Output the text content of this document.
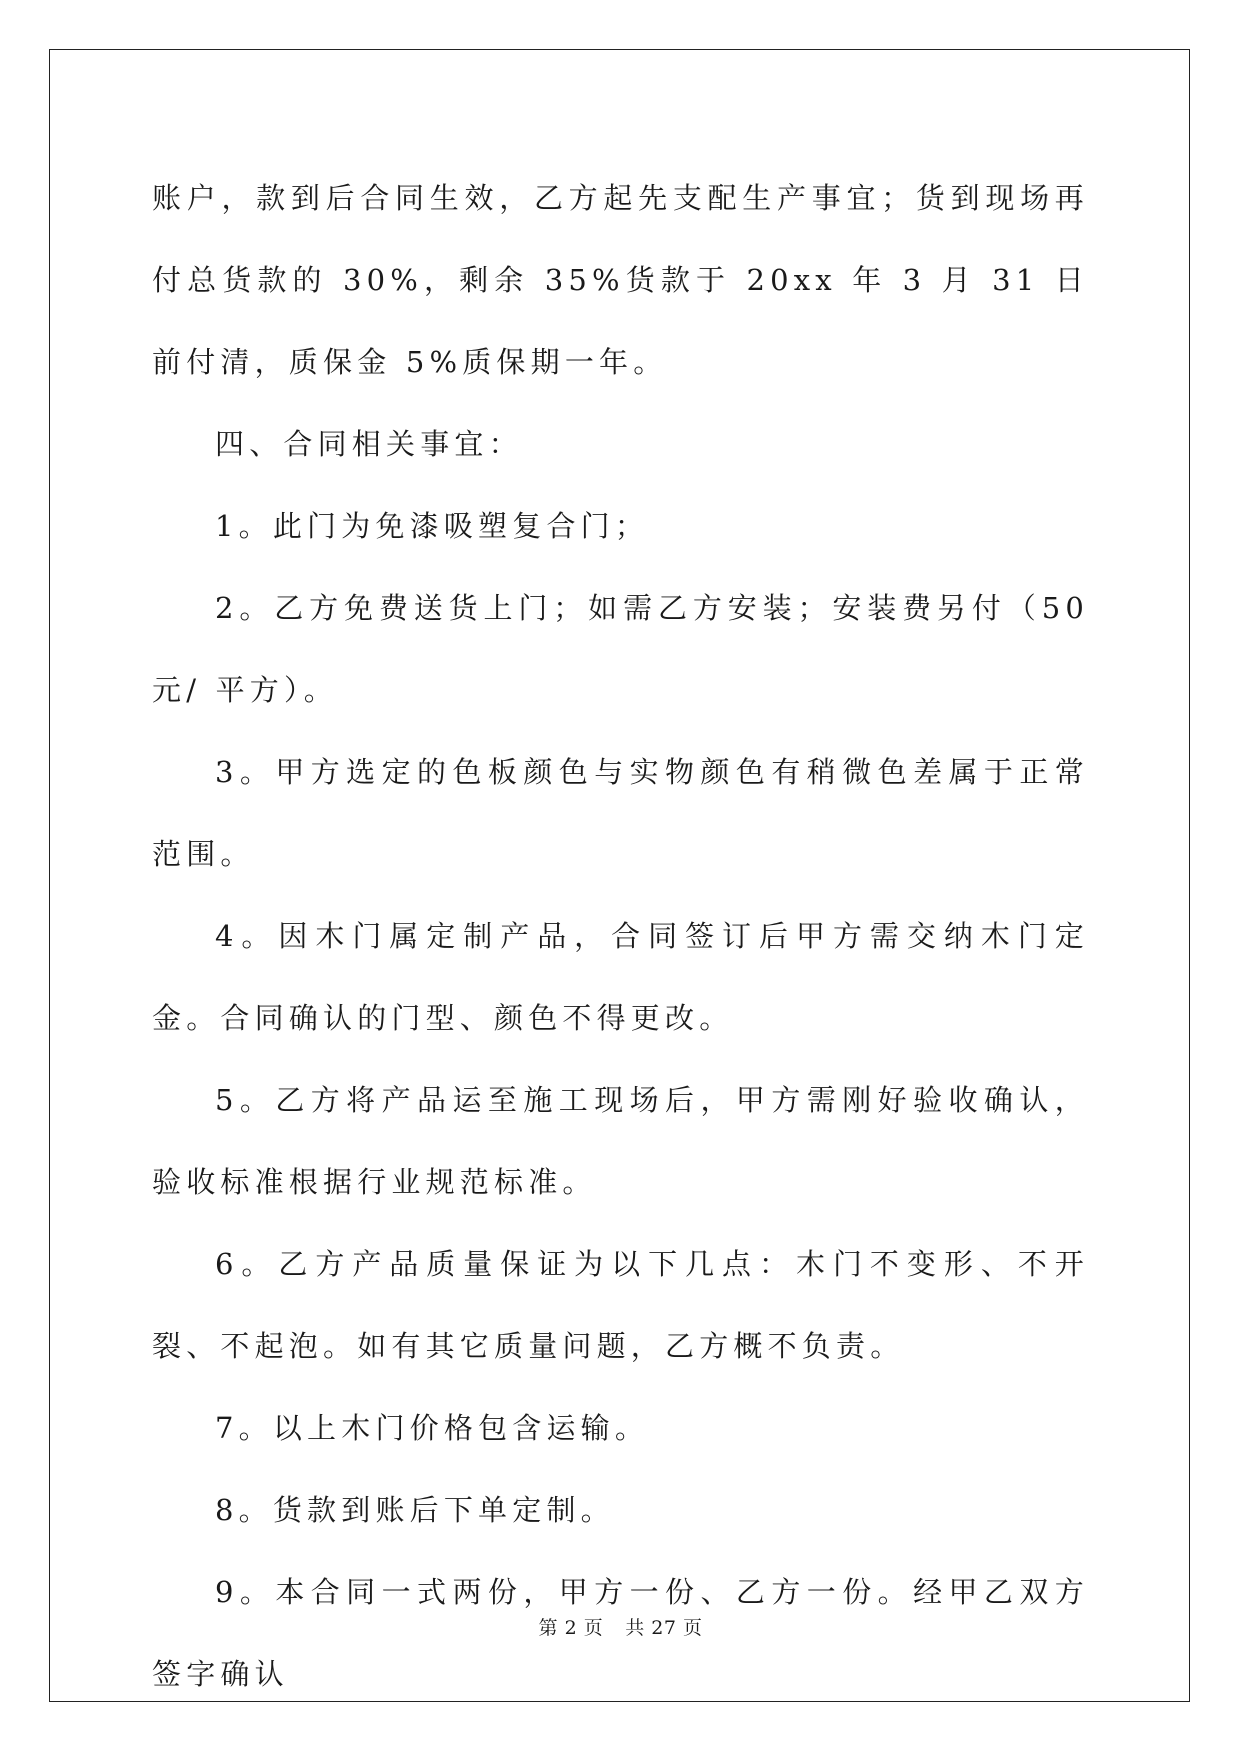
账户，款到后合同生效，乙方起先支配生产事宜；货到现场再付总货款的 30%，剩余 35%货款于 20xx 年 3 月 31 日前付清，质保金 5%质保期一年。

四、合同相关事宜：

1。此门为免漆吸塑复合门；

2。乙方免费送货上门；如需乙方安装；安装费另付（50 元/ 平方）。

3。甲方选定的色板颜色与实物颜色有稍微色差属于正常范围。

4。因木门属定制产品，合同签订后甲方需交纳木门定金。合同确认的门型、颜色不得更改。

5。乙方将产品运至施工现场后，甲方需刚好验收确认，验收标准根据行业规范标准。

6。乙方产品质量保证为以下几点：木门不变形、不开裂、不起泡。如有其它质量问题，乙方概不负责。

7。以上木门价格包含运输。

8。货款到账后下单定制。

9。本合同一式两份，甲方一份、乙方一份。经甲乙双方签字确认

第 2 页 共 27 页
